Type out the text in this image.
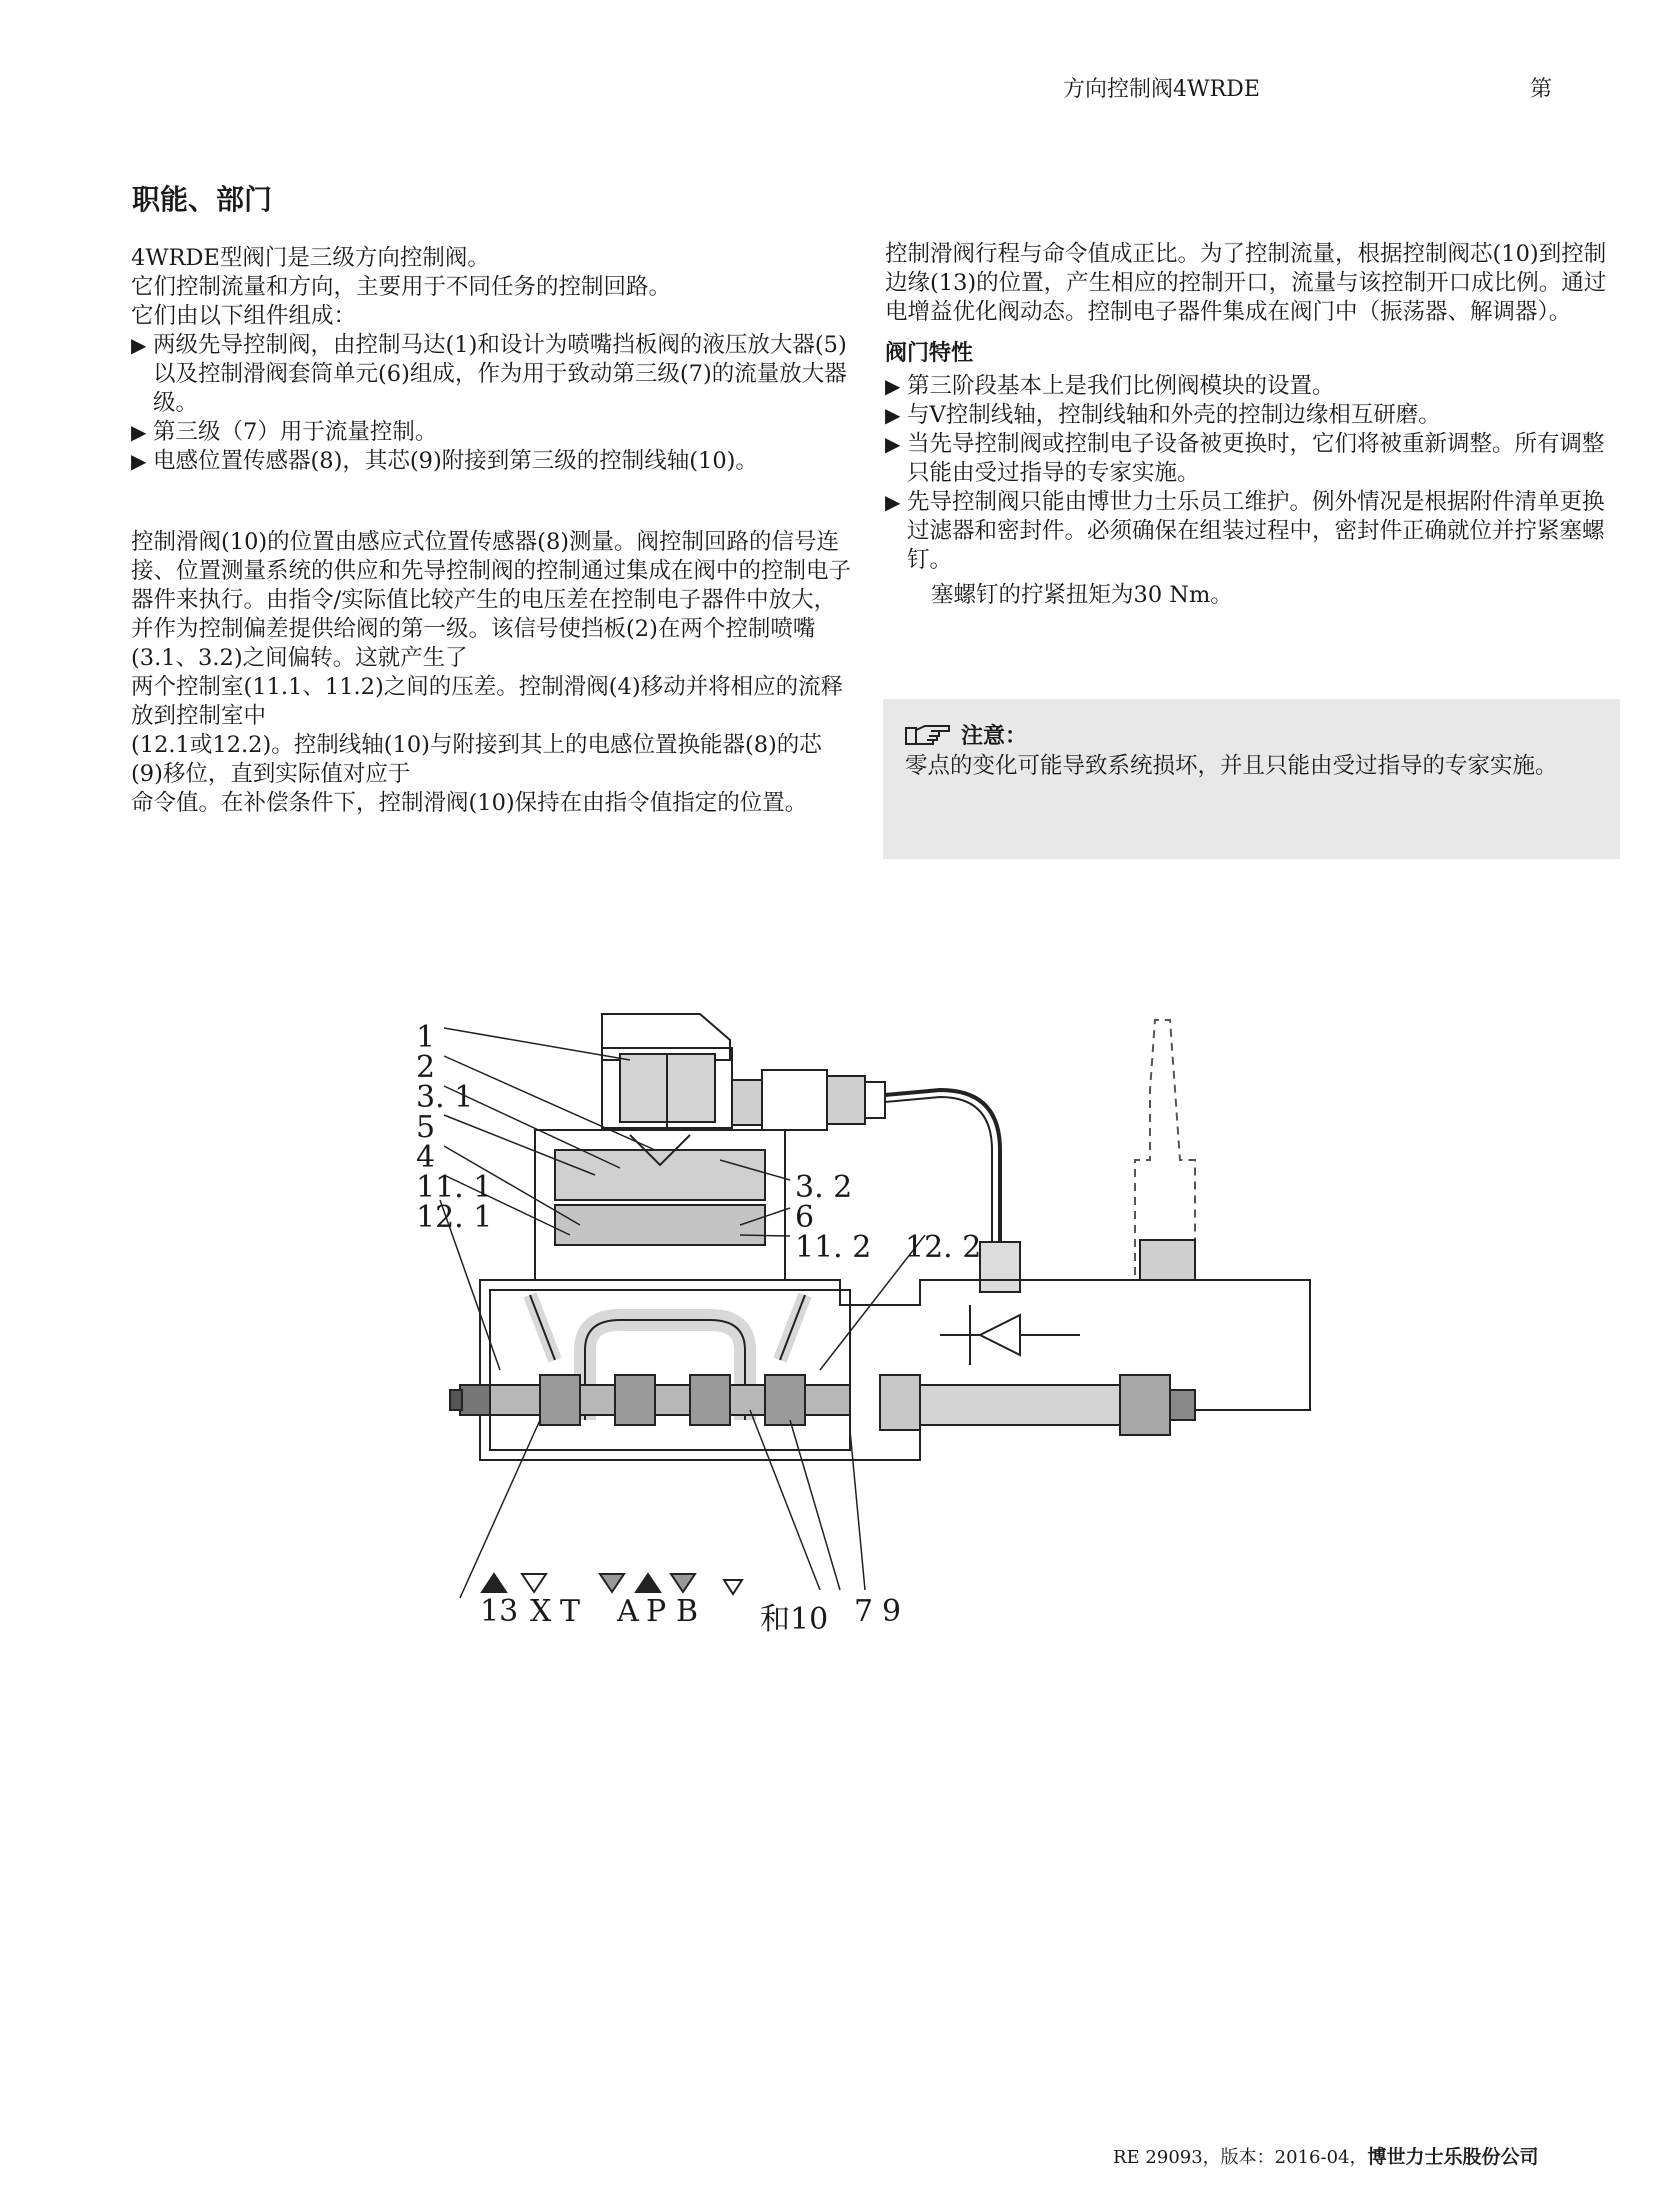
方向控制阀4WRDE	第
职能、部门

4WRDE型阀门是三级方向控制阀。

它们控制流量和方向，主要用于不同任务的控制回路。

它们由以下组件组成：

▶ 两级先导控制阀，由控制马达(1)和设计为喷嘴挡板阀的液压放大器(5)以及控制滑阀套筒单元(6)组成，作为用于致动第三级(7)的流量放大器级。
▶ 第三级（7）用于流量控制。
▶ 电感位置传感器(8)，其芯(9)附接到第三级的控制线轴(10)。

控制滑阀(10)的位置由感应式位置传感器(8)测量。阀控制回路的信号连接、位置测量系统的供应和先导控制阀的控制通过集成在阀中的控制电子器件来执行。由指令/实际值比较产生的电压差在控制电子器件中放大，并作为控制偏差提供给阀的第一级。该信号使挡板(2)在两个控制喷嘴(3.1、3.2)之间偏转。这就产生了

两个控制室(11.1、11.2)之间的压差。控制滑阀(4)移动并将相应的流释放到控制室中

(12.1或12.2)。控制线轴(10)与附接到其上的电感位置换能器(8)的芯(9)移位，直到实际值对应于

命令值。在补偿条件下，控制滑阀(10)保持在由指令值指定的位置。

控制滑阀行程与命令值成正比。为了控制流量，根据控制阀芯(10)到控制边缘(13)的位置，产生相应的控制开口，流量与该控制开口成比例。通过电增益优化阀动态。控制电子器件集成在阀门中（振荡器、解调器）。

阀门特性
▶ 第三阶段基本上是我们比例阀模块的设置。
▶ 与V控制线轴，控制线轴和外壳的控制边缘相互研磨。
▶ 当先导控制阀或控制电子设备被更换时，它们将被重新调整。所有调整只能由受过指导的专家实施。
▶ 先导控制阀只能由博世力士乐员工维护。例外情况是根据附件清单更换过滤器和密封件。必须确保在组装过程中，密封件正确就位并拧紧塞螺钉。

塞螺钉的拧紧扭矩为30 Nm。

注意：
零点的变化可能导致系统损坏，并且只能由受过指导的专家实施。
1
2
3. 1
5
4
11. 1
12. 1
3. 2
6
11. 2 12. 2
13 X T A P B 和10 7 9
RE 29093，版本：2016-04，博世力士乐股份公司
